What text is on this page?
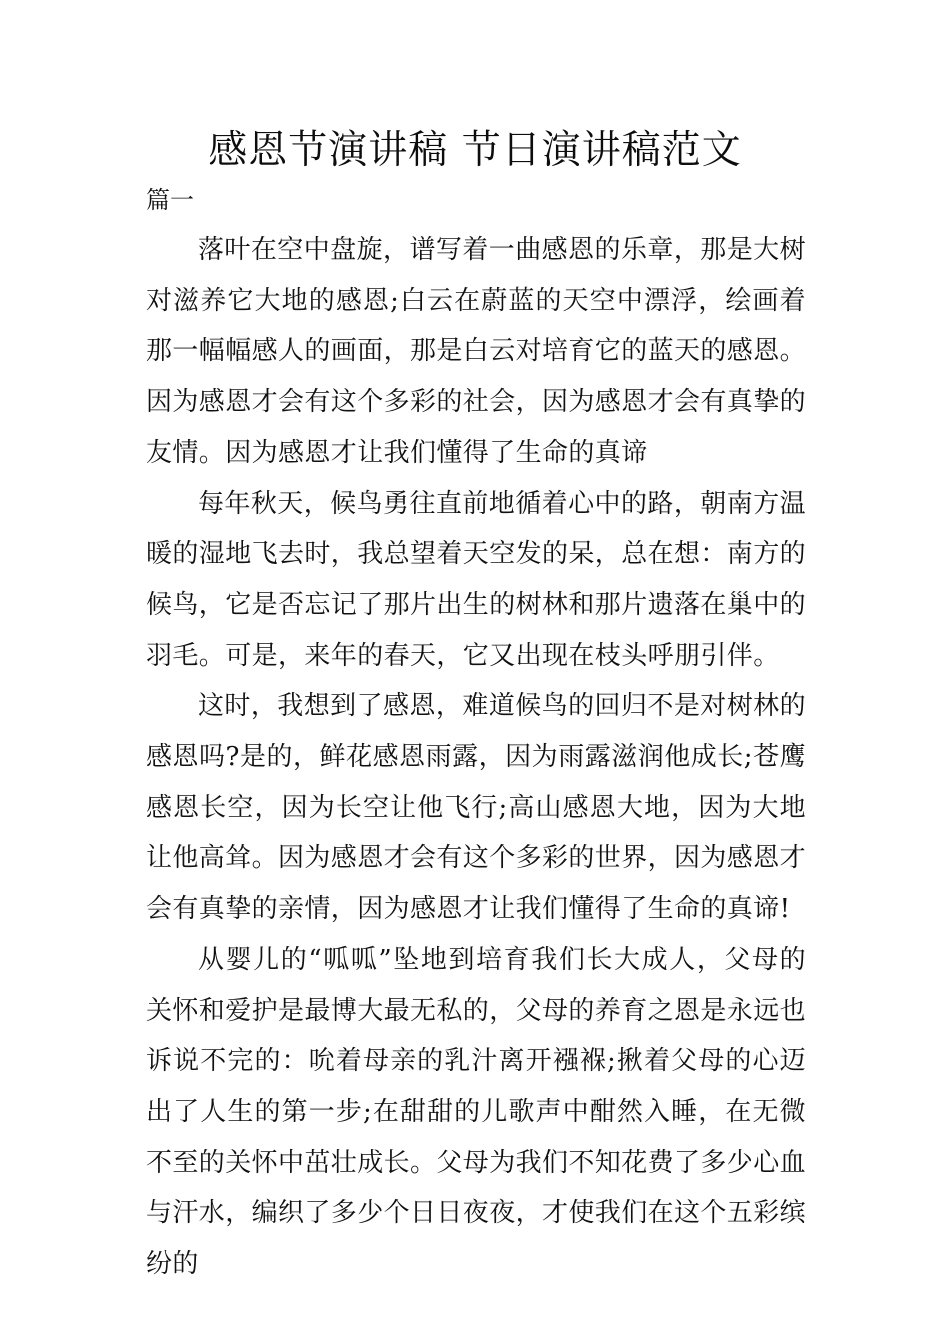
感恩节演讲稿 节日演讲稿范文

篇一

落叶在空中盘旋，谱写着一曲感恩的乐章，那是大树对滋养它大地的感恩;白云在蔚蓝的天空中漂浮，绘画着那一幅幅感人的画面，那是白云对培育它的蓝天的感恩。因为感恩才会有这个多彩的社会，因为感恩才会有真挚的友情。因为感恩才让我们懂得了生命的真谛

每年秋天，候鸟勇往直前地循着心中的路，朝南方温暖的湿地飞去时，我总望着天空发的呆，总在想：南方的候鸟，它是否忘记了那片出生的树林和那片遗落在巢中的羽毛。可是，来年的春天，它又出现在枝头呼朋引伴。

这时，我想到了感恩，难道候鸟的回归不是对树林的感恩吗?是的，鲜花感恩雨露，因为雨露滋润他成长;苍鹰感恩长空，因为长空让他飞行;高山感恩大地，因为大地让他高耸。因为感恩才会有这个多彩的世界，因为感恩才会有真挚的亲情，因为感恩才让我们懂得了生命的真谛!

从婴儿的“呱呱”坠地到培育我们长大成人，父母的关怀和爱护是最博大最无私的，父母的养育之恩是永远也诉说不完的：吮着母亲的乳汁离开襁褓;揪着父母的心迈出了人生的第一步;在甜甜的儿歌声中酣然入睡，在无微不至的关怀中茁壮成长。父母为我们不知花费了多少心血与汗水，编织了多少个日日夜夜，才使我们在这个五彩缤纷的
